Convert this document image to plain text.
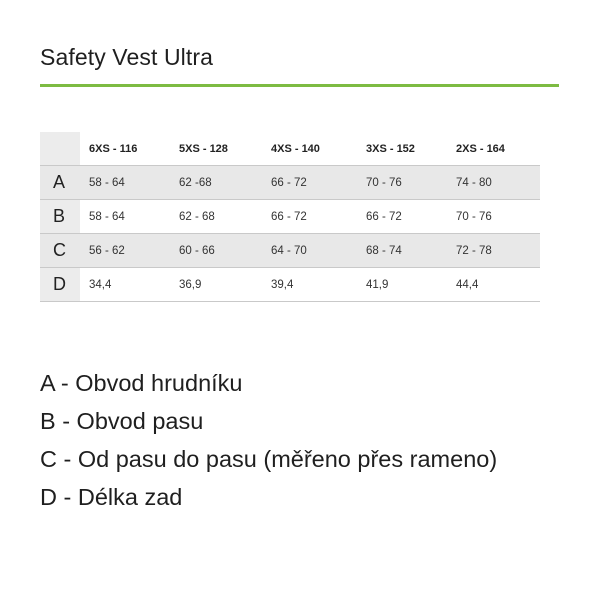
Safety Vest Ultra
	6XS - 116	5XS - 128	4XS - 140	3XS - 152	2XS - 164
A	58 - 64	62 -68	66 - 72	70 - 76	74 - 80
B	58 - 64	62 - 68	66 - 72	66 - 72	70 - 76
C	56 - 62	60 - 66	64 - 70	68 - 74	72 - 78
D	34,4	36,9	39,4	41,9	44,4
A - Obvod hrudníku
B - Obvod pasu
C - Od pasu do pasu (měřeno přes rameno)
D - Délka zad
